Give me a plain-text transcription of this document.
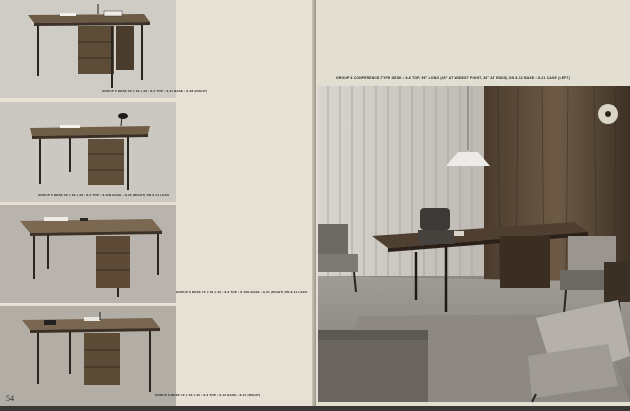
GROUP 6 DESK 60 x 30 x 29 • 8-5 TOP • 8-11 BASE • 8-28 (RIGHT)
GROUP 6 DESK 60 x 30 x 29 • 8-5 TOP • 8-11N BASE • 8-22 (RIGHT) ON 8-14 LEGS
GROUP 6 DESK 72 x 30 x 29 • 8-2 TOP • 8-10N BASE • 8-21 (RIGHT) ON 8-14 LEGS
GROUP 6 DESK 72 x 30 x 29 • 8-3 TOP • 8-12 BASE • 8-21 (RIGHT)
54
GROUP 6 CONFERENCE-TYPE DESK • 8-6 TOP, 96" LONG (45" AT WIDEST POINT, 36" AT ENDS) ON 8-12 BASE • 8-21 CASE (LEFT)
